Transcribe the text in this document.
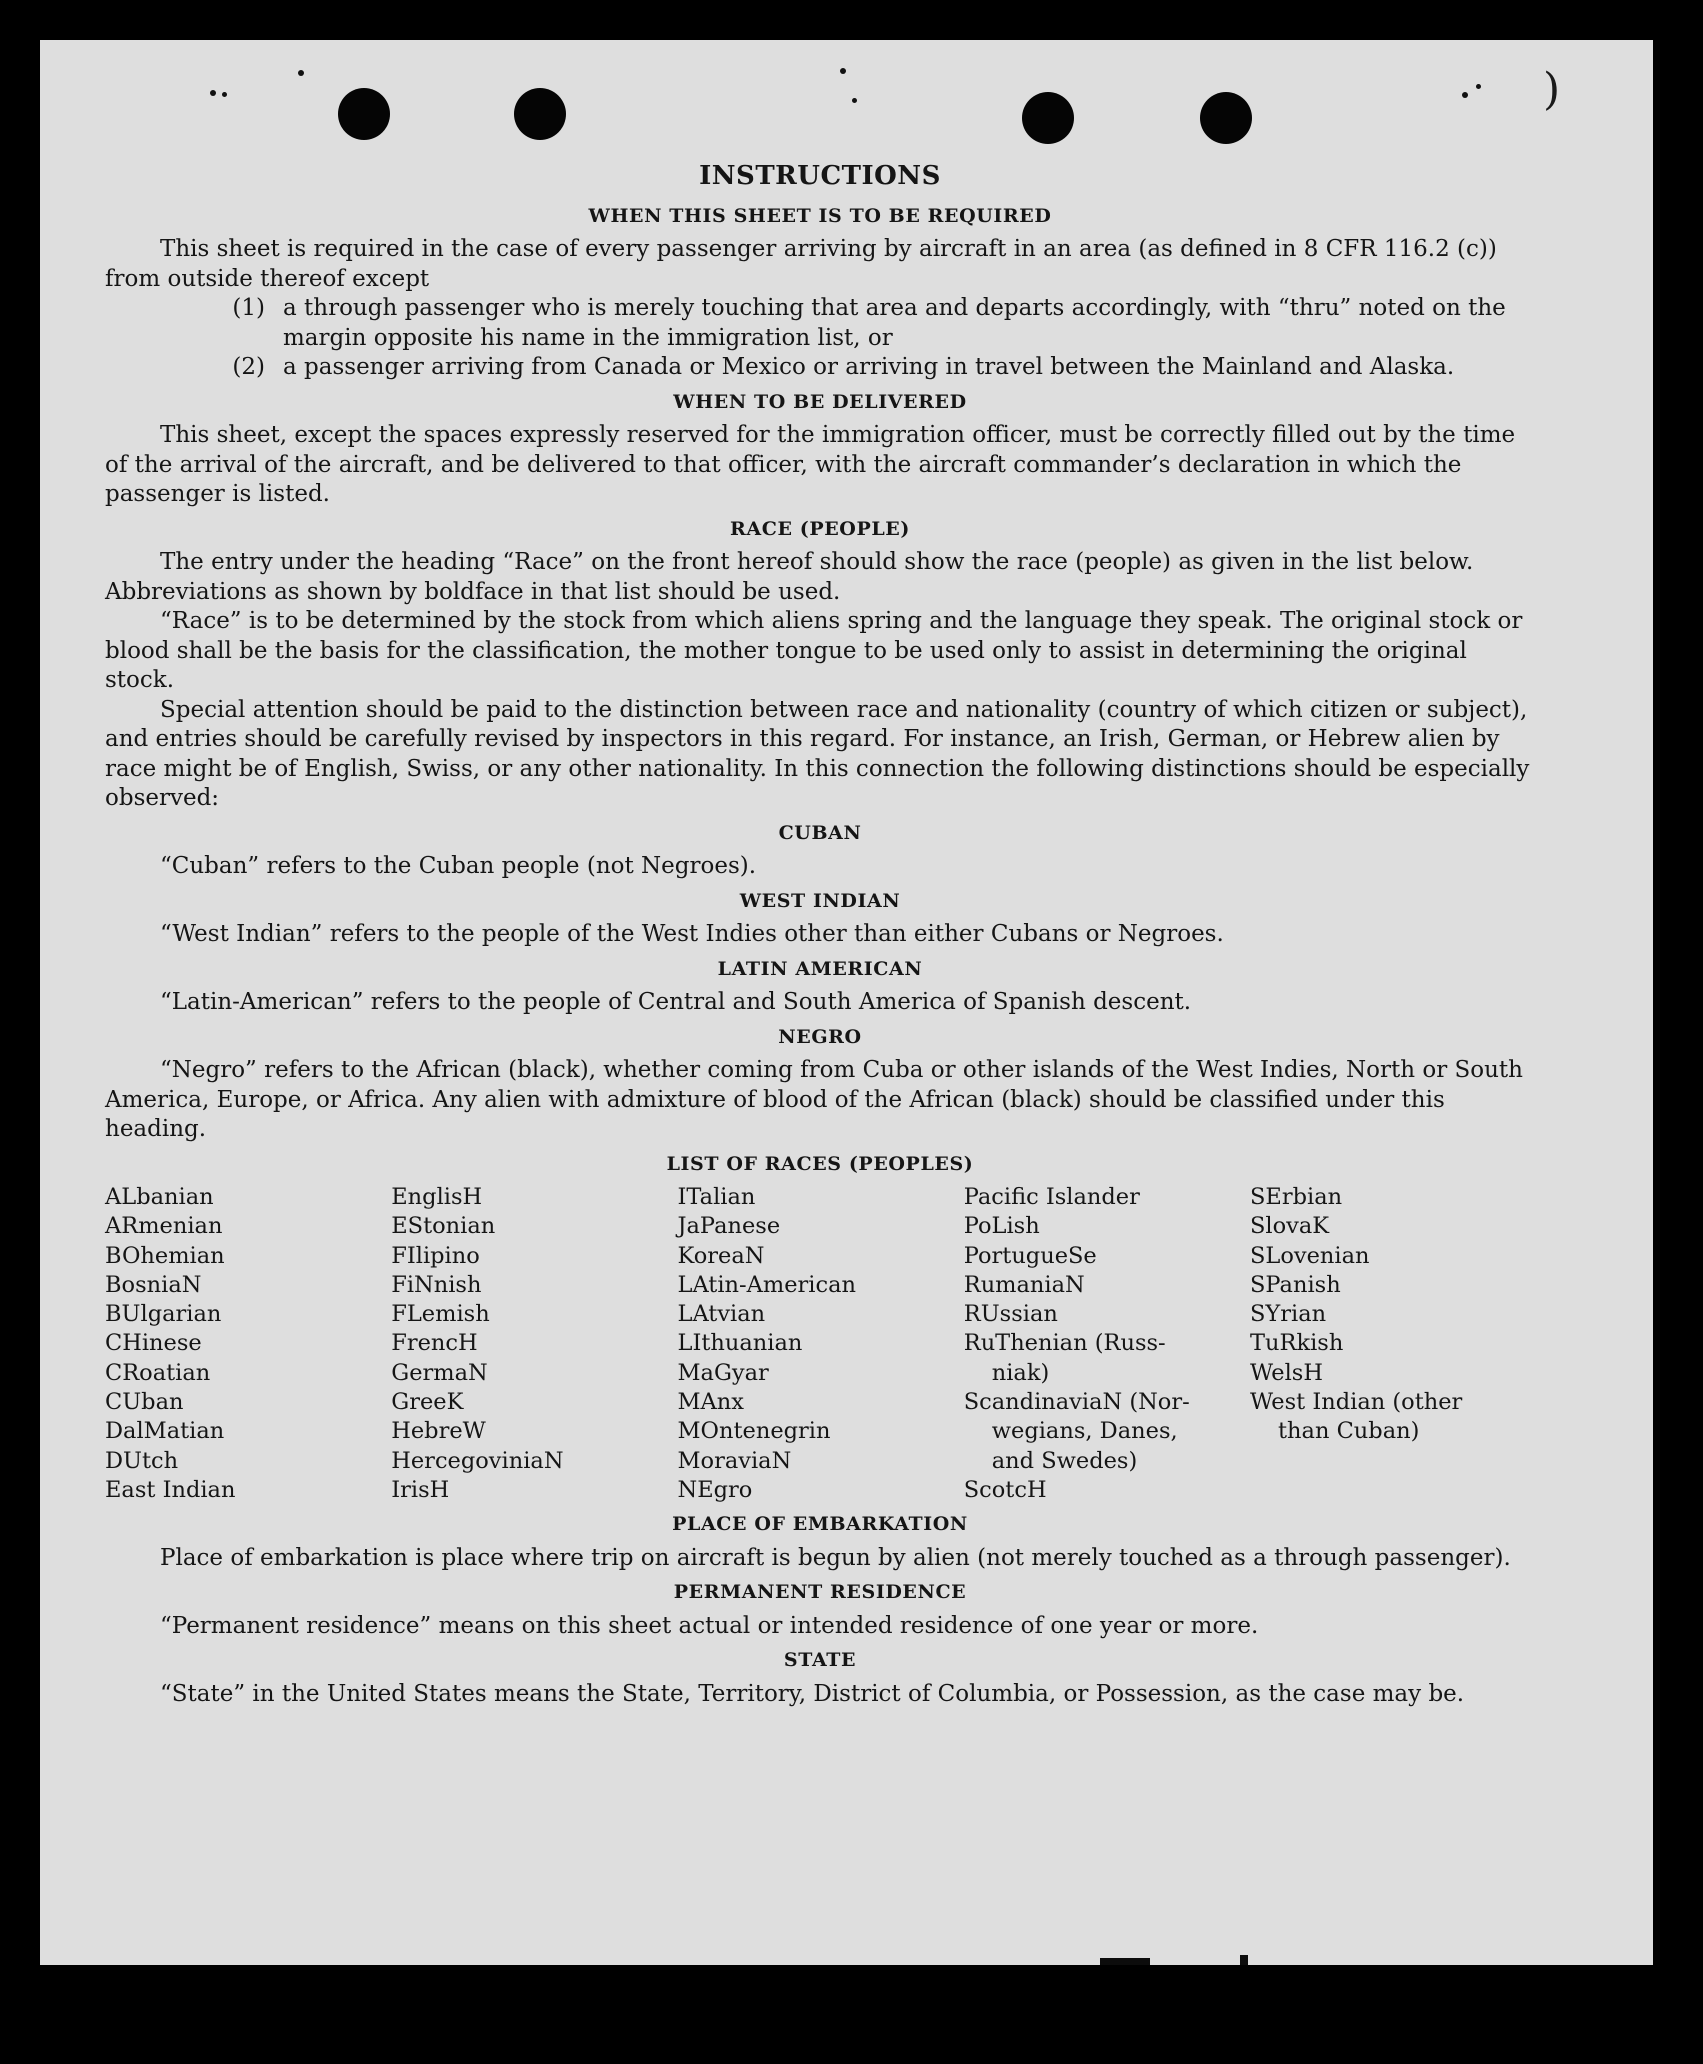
)
INSTRUCTIONS
WHEN THIS SHEET IS TO BE REQUIRED

This sheet is required in the case of every passenger arriving by aircraft in an area (as defined in 8 CFR 116.2 (c)) from outside thereof except

(1) a through passenger who is merely touching that area and departs accordingly, with “thru” noted on the margin opposite his name in the immigration list, or
(2) a passenger arriving from Canada or Mexico or arriving in travel between the Mainland and Alaska.
WHEN TO BE DELIVERED

This sheet, except the spaces expressly reserved for the immigration officer, must be correctly filled out by the time of the arrival of the aircraft, and be delivered to that officer, with the aircraft commander’s declaration in which the passenger is listed.

RACE (PEOPLE)

The entry under the heading “Race” on the front hereof should show the race (people) as given in the list below. Abbreviations as shown by boldface in that list should be used.

“Race” is to be determined by the stock from which aliens spring and the language they speak. The original stock or blood shall be the basis for the classification, the mother tongue to be used only to assist in determining the original stock.

Special attention should be paid to the distinction between race and nationality (country of which citizen or subject), and entries should be carefully revised by inspectors in this regard. For instance, an Irish, German, or Hebrew alien by race might be of English, Swiss, or any other nationality. In this connection the following distinctions should be especially observed:

CUBAN

“Cuban” refers to the Cuban people (not Negroes).

WEST INDIAN

“West Indian” refers to the people of the West Indies other than either Cubans or Negroes.

LATIN AMERICAN

“Latin-American” refers to the people of Central and South America of Spanish descent.

NEGRO

“Negro” refers to the African (black), whether coming from Cuba or other islands of the West Indies, North or South America, Europe, or Africa. Any alien with admixture of blood of the African (black) should be classified under this heading.

LIST OF RACES (PEOPLES)
ALbanian
ARmenian
BOhemian
BosniaN
BUlgarian
CHinese
CRoatian
CUban
DalMatian
DUtch
East Indian
EnglisH
EStonian
FIlipino
FiNnish
FLemish
FrencH
GermaN
GreeK
HebreW
HercegoviniaN
IrisH
ITalian
JaPanese
KoreaN
LAtin-American
LAtvian
LIthuanian
MaGyar
MAnx
MOntenegrin
MoraviaN
NEgro
Pacific Islander
PoLish
PortugueSe
RumaniaN
RUssian
RuThenian (Russ-
niak)
ScandinaviaN (Nor-
wegians, Danes,
and Swedes)
ScotcH
SErbian
SlovaK
SLovenian
SPanish
SYrian
TuRkish
WelsH
West Indian (other
than Cuban)
PLACE OF EMBARKATION

Place of embarkation is place where trip on aircraft is begun by alien (not merely touched as a through passenger).

PERMANENT RESIDENCE

“Permanent residence” means on this sheet actual or intended residence of one year or more.

STATE

“State” in the United States means the State, Territory, District of Columbia, or Possession, as the case may be.
